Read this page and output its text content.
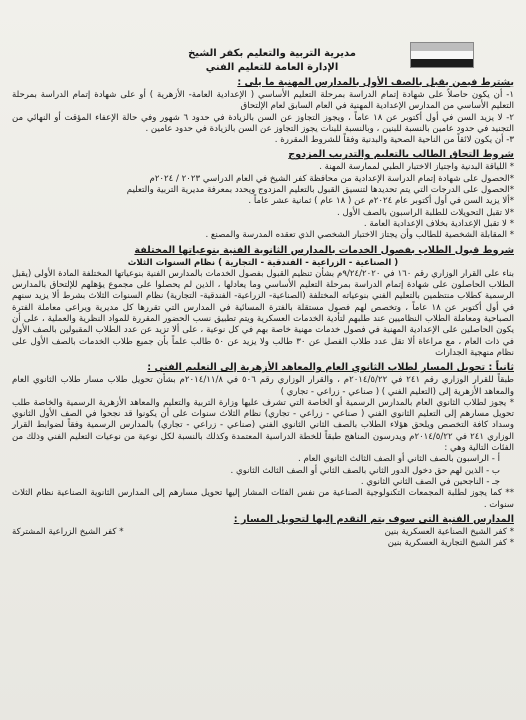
مديرية التربية والتعليم بكفر الشيخ
الإدارة العامة للتعليم الفني
يشترط فيمن يقبل بالصف الأول بالمدارس المهنية ما يلي :

١- أن يكون حاصلاً على شهادة إتمام الدراسة بمرحلة التعليم الأساسي ( الإعدادية العامة- الأزهرية ) أو على شهادة إتمام الدراسة بمرحلة التعليم الأساسي من المدارس الإعدادية المهنية في العام السابق لعام الإلتحاق

٢- لا يزيد السن في أول أكتوبر عن ١٨ عاماً ، ويجوز التجاوز عن السن بالزيادة في حدود ٦ شهور وفي حالة الإعفاء المؤقت أو النهائي من التجنيد في حدود عامين بالنسبة للبنين ، وبالنسبة للبنات يجوز التجاوز عن السن بالزيادة في حدود عامين .

٣- أن يكون لائقاً من الناحية الصحية والبدنية وفقاً للشروط المقررة .

شروط التحاق الطالب بالتعليم والتدريب المزدوج

* اللياقة البدنية واجتياز الاختبار الطبي لممارسة المهنة .

*الحصول على شهادة إتمام الدراسة الإعدادية من محافظة كفر الشيخ في العام الدراسي ٢٠٢٣ / ٢٠٢٤م

*الحصول على الدرجات التي يتم تحديدها لتنسيق القبول بالتعليم المزدوج ويحدد بمعرفة مديرية التربية والتعليم

*ألا يزيد السن في أول أكتوبر عام ٢٠٢٤م عن ( ١٨ عام ) ثمانية عشر عاماً .

*لا تقبل التحويلات للطلبة الراسبون بالصف الأول .

* لا تقبل الإعدادية بخلاف الإعدادية العامة .

* المقابلة الشخصية للطالب وأن يجتاز الاختبار الشخصي الذي تعقده المدرسة والمصنع .

شروط قبول الطلاب بفصول الخدمات بالمدارس الثانوية الفنية بنوعياتها المختلفة

( الصناعية - الزراعية - الفندقية - التجارية ) نظام السنوات الثلاث

بناء على القرار الوزاري رقم ١٦٠ في ٩/٢٤/٢٠٢٠م بشأن تنظيم القبول بفصول الخدمات بالمدارس الفنية بنوعياتها المختلفة المادة الأولى (يقبل الطلاب الحاصلون على شهادة إتمام الدراسة بمرحلة التعليم الأساسي وما يعادلها ، الذين لم يحصلوا على مجموع يؤهلهم للإلتحاق بالمدارس الرسمية كطلاب منتظمين بالتعليم الفني بنوعياته المختلفة (الصناعية- الزراعية- الفندقية- التجارية) نظام السنوات الثلاث بشرط ألا يزيد سنهم في أول أكتوبر عن ١٨ عاماً ، وتخصص لهم فصول مستقلة بالفترة المسائية في المدارس التي تقررها كل مديرية ويراعى معاملة الفترة الصباحية ومعاملة الطلاب النظاميين عند طلبهم لتأدية الخدمات العسكرية ويتم تطبيق نسب الحضور المقررة للمواد النظرية والعملية ، على أن يكون الحاصلين على الإعدادية المهنية في فصول خدمات مهنية خاصة بهم في كل نوعية ، على ألا تزيد عن عدد الطلاب المقبولين بالصف الأول في ذات العام ، مع مراعاة ألا تقل عدد طلاب الفصل عن ٣٠ طالب ولا يزيد عن ٥٠ طالب علماً بأن جميع طلاب الخدمات بالصف الأول على نظام منهجية الجدارات

ثانياً : تحويل المسار لطلاب الثانوي العام والمعاهد الأزهرية إلى التعليم الفني :

طبقاً للقرار الوزاري رقم ٢٤١ في ٢٠١٤/٥/٢٢م ، والقرار الوزاري رقم ٥٠٦ في ٢٠١٤/١١/٨م بشأن تحويل طلاب مسار طلاب الثانوي العام والمعاهد الأزهرية إلى (التعليم الفني ) ( صناعي - زراعي - تجاري )

* يجوز لطلاب الثانوي العام بالمدارس الرسمية أو الخاصة التي تشرف عليها وزارة التربية والتعليم والمعاهد الأزهرية الرسمية والخاصة طلب تحويل مسارهم إلى التعليم الثانوي الفني ( صناعي - زراعي - تجاري) نظام الثلاث سنوات على أن يكونوا قد نجحوا في الصف الأول الثانوي وسداد كافة التخصص ويلحق هؤلاء الطلاب بالصف الثاني الثانوي الفني (صناعي - زراعي - تجاري) بالمدارس الرسمية وفقاً لضوابط القرار الوزاري ٢٤١ في ٢٠١٤/٥/٢٢م ويدرسون المناهج طبقاً للخطة الدراسية المعتمدة وكذلك بالنسبة لكل نوعية من نوعيات التعليم الفني وذلك من الفئات التالية وهي :

أ - الراسبون بالصف الثاني أو الصف الثالث الثانوي العام .

ب - الذين لهم حق دخول الدور الثاني بالصف الثاني أو الصف الثالث الثانوي .

جـ - الناجحين في الصف الثاني الثانوي .

** كما يجوز لطلبة المجمعات التكنولوجية الصناعية من نفس الفئات المشار إليها تحويل مسارهم إلى المدارس الثانوية الصناعية نظام الثلاث سنوات .

المدارس الفنية التي سوف يتم التقدم إليها لتحويل المسار :

* كفر الشيخ الصناعية العسكرية بنين

* كفر الشيخ الزراعية المشتركة

* كفر الشيخ التجارية العسكرية بنين
